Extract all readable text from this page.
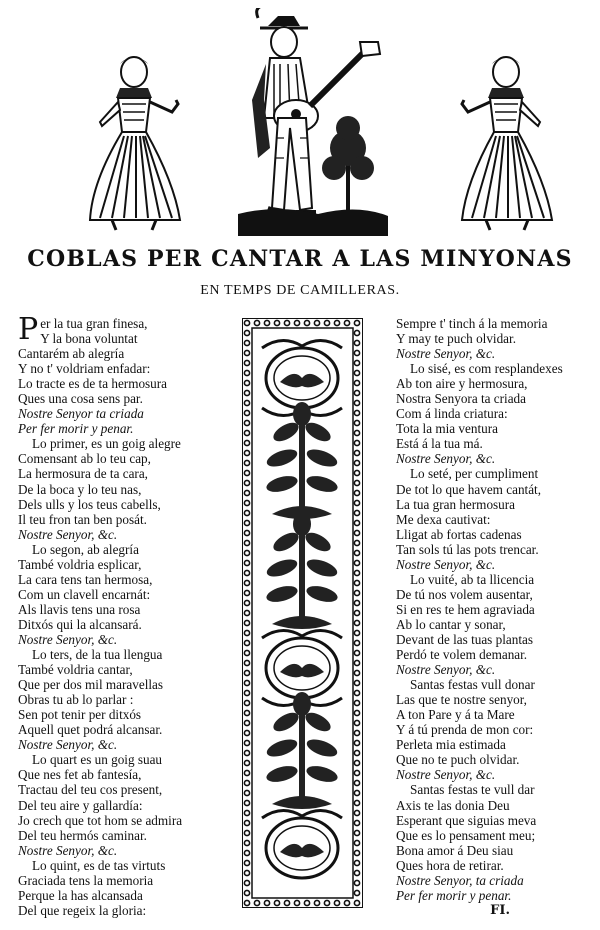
COBLAS PER CANTAR A LAS MINYONAS
EN TEMPS DE CAMILLERAS.
Per la tua gran finesa,
Y la bona voluntat
Cantarém ab alegría
Y no t' voldriam enfadar:
Lo tracte es de ta hermosura
Ques una cosa sens par.
Nostre Senyor ta criada
Per fer morir y penar.
Lo primer, es un goig alegre
Comensant ab lo teu cap,
La hermosura de ta cara,
De la boca y lo teu nas,
Dels ulls y los teus cabells,
Il teu fron tan ben posát.
Nostre Senyor, &c.
Lo segon, ab alegría
També voldria esplicar,
La cara tens tan hermosa,
Com un clavell encarnát:
Als llavis tens una rosa
Ditxós qui la alcansará.
Nostre Senyor, &c.
Lo ters, de la tua llengua
També voldria cantar,
Que per dos mil maravellas
Obras tu ab lo parlar :
Sen pot tenir per ditxós
Aquell quet podrá alcansar.
Nostre Senyor, &c.
Lo quart es un goig suau
Que nes fet ab fantesía,
Tractau del teu cos present,
Del teu aire y gallardía:
Jo crech que tot hom se admira
Del teu hermós caminar.
Nostre Senyor, &c.
Lo quint, es de tas virtuts
Graciada tens la memoria
Perque la has alcansada
Del que regeix la gloria:
Sempre t' tinch á la memoria
Y may te puch olvidar.
Nostre Senyor, &c.
Lo sisé, es com resplandexes
Ab ton aire y hermosura,
Nostra Senyora ta criada
Com á linda criatura:
Tota la mia ventura
Está á la tua má.
Nostre Senyor, &c.
Lo seté, per cumpliment
De tot lo que havem cantát,
La tua gran hermosura
Me dexa cautivat:
Lligat ab fortas cadenas
Tan sols tú las pots trencar.
Nostre Senyor, &c.
Lo vuité, ab ta llicencia
De tú nos volem ausentar,
Si en res te hem agraviada
Ab lo cantar y sonar,
Devant de las tuas plantas
Perdó te volem demanar.
Nostre Senyor, &c.
Santas festas vull donar
Las que te nostre senyor,
A ton Pare y á ta Mare
Y á tú prenda de mon cor:
Perleta mia estimada
Que no te puch olvidar.
Nostre Senyor, &c.
Santas festas te vull dar
Axis te las donia Deu
Esperant que siguias meva
Que es lo pensament meu;
Bona amor á Deu siau
Ques hora de retirar.
Nostre Senyor, ta criada
Per fer morir y penar.
FI.
